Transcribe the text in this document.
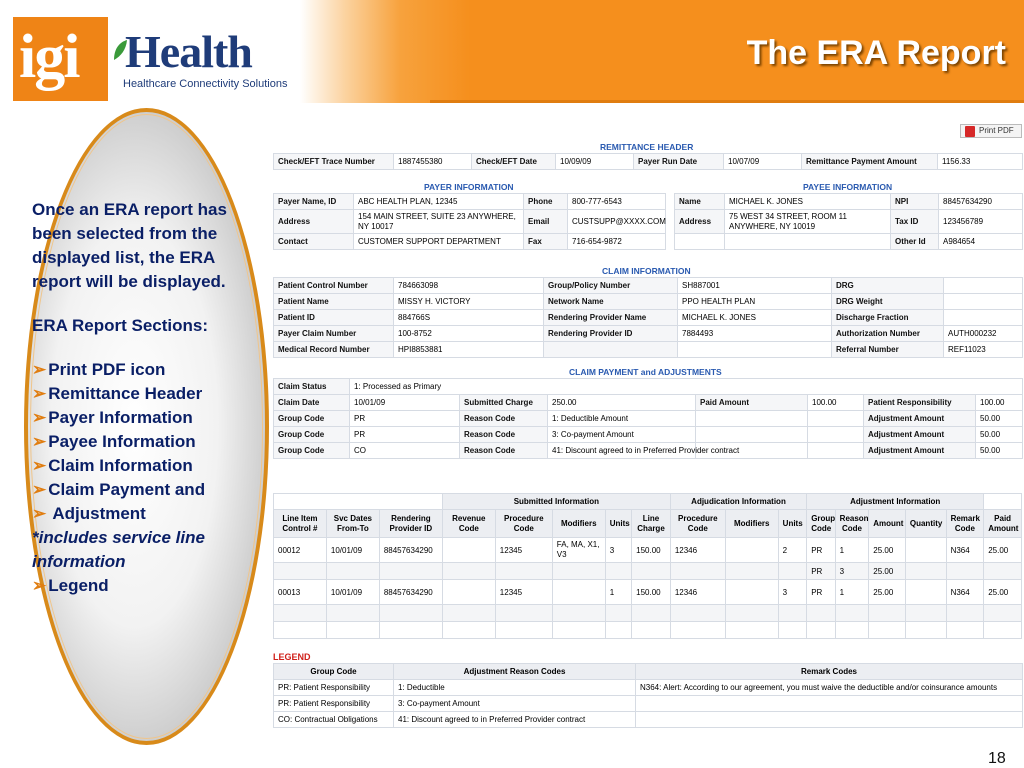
igi Health
Healthcare Connectivity Solutions
The ERA Report

Once an ERA report has been selected from the displayed list, the ERA report will be displayed.

ERA Report Sections:

➢ Print PDF icon

➢ Remittance Header

➢ Payer Information

➢ Payee Information

➢ Claim Information

➢ Claim Payment and

➢ Adjustment

*includes service line information

➢ Legend

Print PDF
REMITTANCE HEADER
Check/EFT Trace Number	1887455380	Check/EFT Date	10/09/09	Payer Run Date	10/07/09	Remittance Payment Amount	1156.33
PAYER INFORMATION	PAYEE INFORMATION
Payer Name, ID	ABC HEALTH PLAN, 12345	Phone	800-777-6543
Address	154 MAIN STREET, SUITE 23 ANYWHERE, NY 10017	Email	CUSTSUPP@XXXX.COM
Contact	CUSTOMER SUPPORT DEPARTMENT	Fax	716-654-9872
Name	MICHAEL K. JONES	NPI	88457634290
Address	75 WEST 34 STREET, ROOM 11 ANYWHERE, NY 10019	Tax ID	123456789
		Other Id	A984654
CLAIM INFORMATION
Patient Control Number	784663098	Group/Policy Number	SH887001	DRG	
Patient Name	MISSY H. VICTORY	Network Name	PPO HEALTH PLAN	DRG Weight	
Patient ID	884766S	Rendering Provider Name	MICHAEL K. JONES	Discharge Fraction	
Payer Claim Number	100-8752	Rendering Provider ID	7884493	Authorization Number	AUTH000232
Medical Record Number	HPI8853881			Referral Number	REF11023
CLAIM PAYMENT and ADJUSTMENTS
Claim Status	1: Processed as Primary						
Claim Date	10/01/09	Submitted Charge	250.00	Paid Amount	100.00	Patient Responsibility	100.00
Group Code	PR	Reason Code	1: Deductible Amount			Adjustment Amount	50.00
Group Code	PR	Reason Code	3: Co-payment Amount			Adjustment Amount	50.00
Group Code	CO	Reason Code	41: Discount agreed to in Preferred Provider contract			Adjustment Amount	50.00
			Submitted Information					Adjudication Information			Adjustment Information					
Line Item Control #	Svc Dates From-To	Rendering Provider ID	Revenue Code	Procedure Code	Modifiers	Units	Line Charge	Procedure Code	Modifiers	Units	Group Code	Reason Code	Amount	Quantity	Remark Code	Paid Amount
00012	10/01/09	88457634290		12345	FA, MA, X1, V3	3	150.00	12346		2	PR	1	25.00		N364	25.00
											PR	3	25.00			
00013	10/01/09	88457634290		12345		1	150.00	12346		3	PR	1	25.00		N364	25.00

LEGEND
Group Code	Adjustment Reason Codes	Remark Codes
PR: Patient Responsibility	1: Deductible	N364: Alert: According to our agreement, you must waive the deductible and/or coinsurance amounts
PR: Patient Responsibility	3: Co-payment Amount	
CO: Contractual Obligations	41: Discount agreed to in Preferred Provider contract	
18
